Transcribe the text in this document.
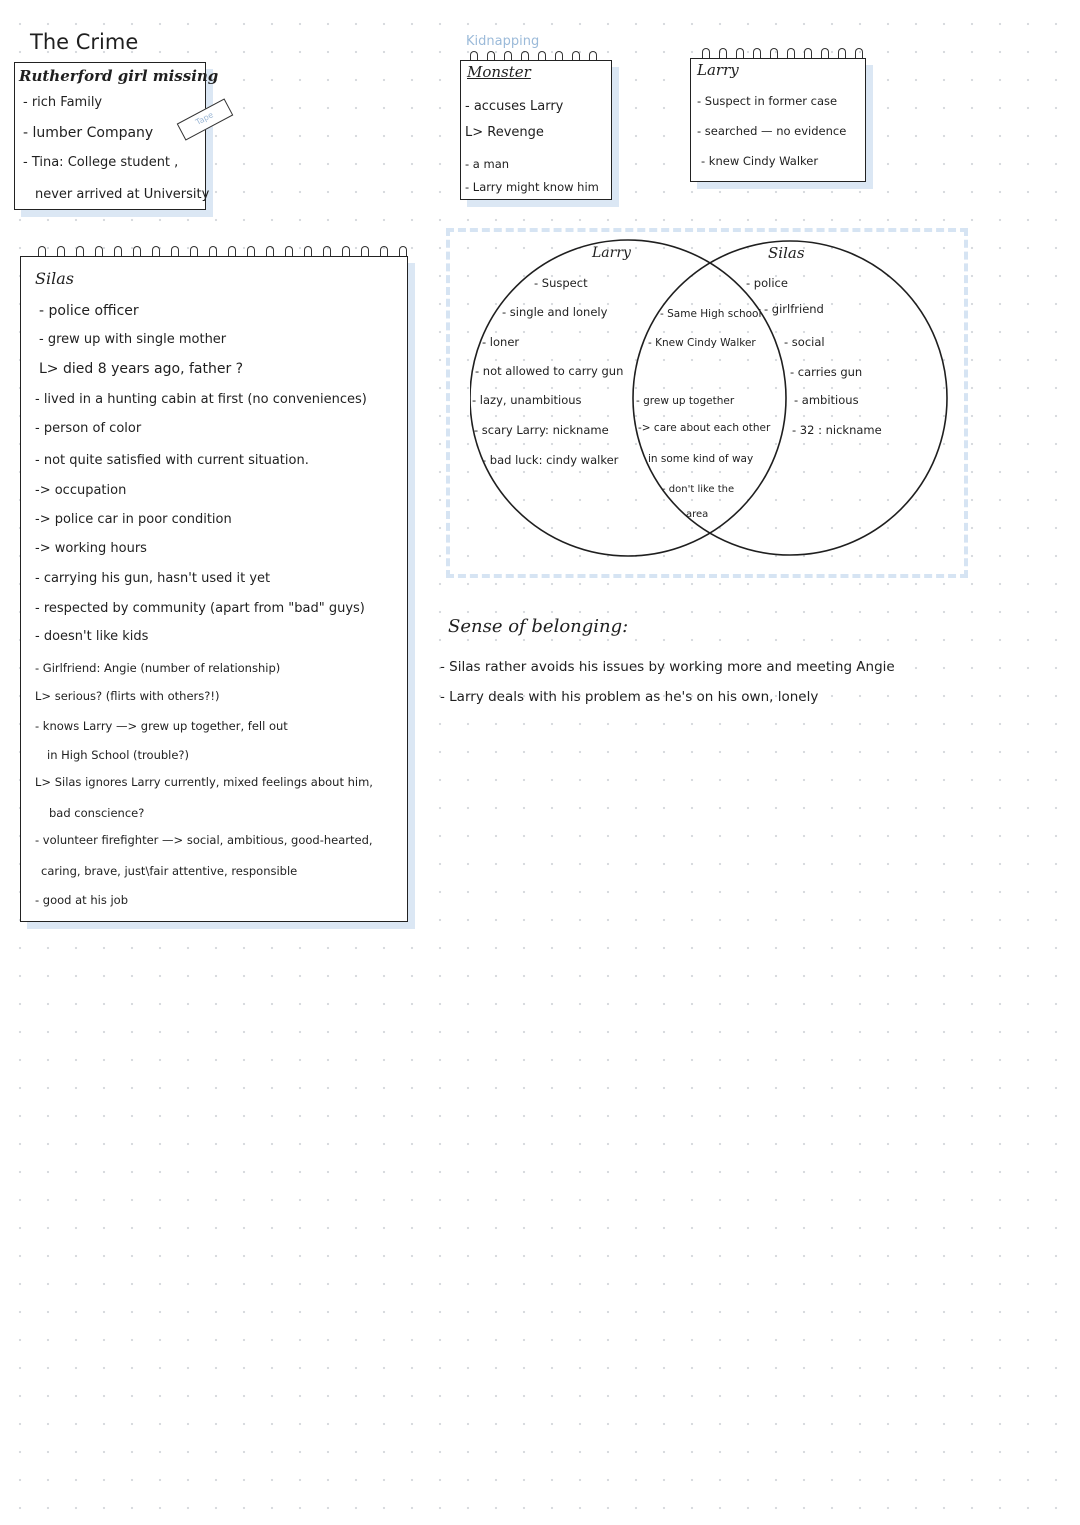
The Crime
Rutherford girl missing
- rich Family
- lumber Company
- Tina: College student ,
never arrived at University
Tape
Kidnapping
Monster
- accuses Larry
L> Revenge
- a man
- Larry might know him
Larry
- Suspect in former case
- searched — no evidence
- knew Cindy Walker
Silas
- police officer
- grew up with single mother
L> died 8 years ago, father ?
- lived in a hunting cabin at first (no conveniences)
- person of color
- not quite satisfied with current situation.
-> occupation
-> police car in poor condition
-> working hours
- carrying his gun, hasn't used it yet
- respected by community (apart from "bad" guys)
- doesn't like kids
- Girlfriend: Angie (number of relationship)
L> serious? (flirts with others?!)
- knows Larry —> grew up together, fell out
in High School (trouble?)
L> Silas ignores Larry currently, mixed feelings about him,
bad conscience?
- volunteer firefighter —> social, ambitious, good-hearted,
caring, brave, just\fair attentive, responsible
- good at his job
Larry	Silas
- Suspect
- single and lonely
- loner
- not allowed to carry gun
- lazy, unambitious
- scary Larry: nickname
- bad luck: cindy walker
- Same High school
- Knew Cindy Walker
- grew up together
-> care about each other
in some kind of way
- don't like the
area
- police
- girlfriend
- social
- carries gun
- ambitious
- 32 : nickname
Sense of belonging:
- Silas rather avoids his issues by working more and meeting Angie
- Larry deals with his problem as he's on his own, lonely
